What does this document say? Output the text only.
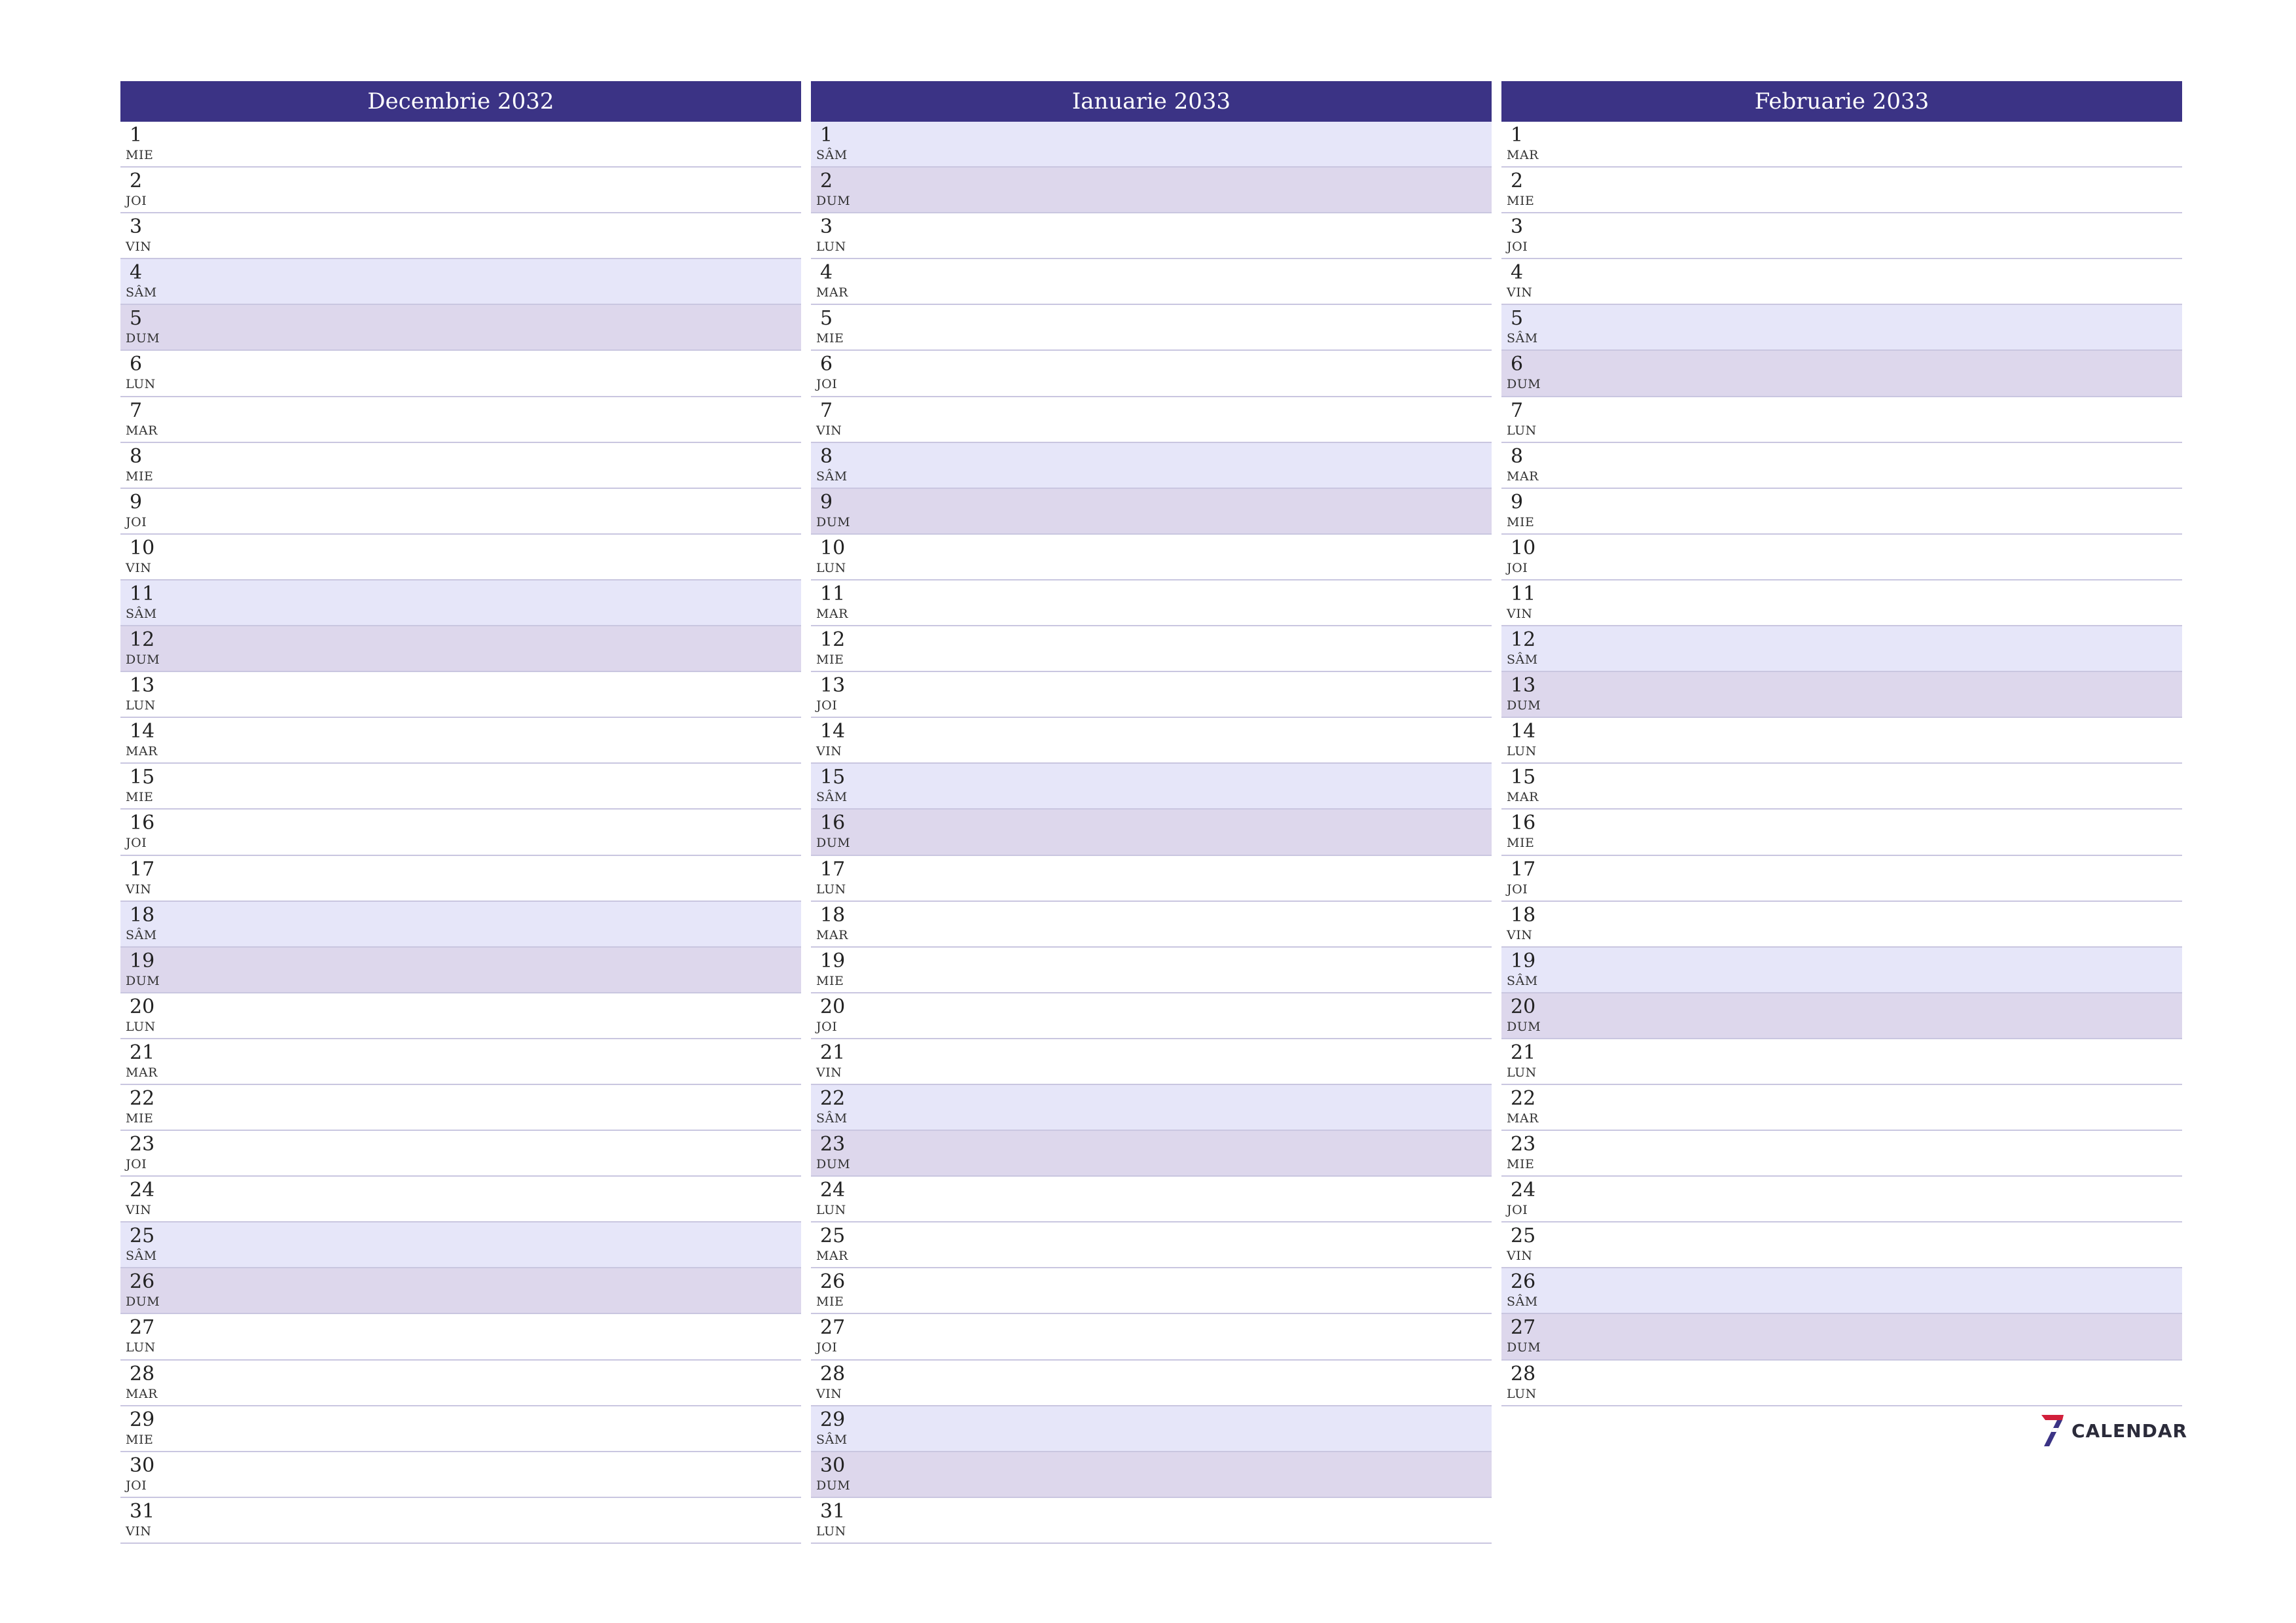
Decembrie 2032
1
MIE
2
JOI
3
VIN
4
SÂM
5
DUM
6
LUN
7
MAR
8
MIE
9
JOI
10
VIN
11
SÂM
12
DUM
13
LUN
14
MAR
15
MIE
16
JOI
17
VIN
18
SÂM
19
DUM
20
LUN
21
MAR
22
MIE
23
JOI
24
VIN
25
SÂM
26
DUM
27
LUN
28
MAR
29
MIE
30
JOI
31
VIN
Ianuarie 2033
1
SÂM
2
DUM
3
LUN
4
MAR
5
MIE
6
JOI
7
VIN
8
SÂM
9
DUM
10
LUN
11
MAR
12
MIE
13
JOI
14
VIN
15
SÂM
16
DUM
17
LUN
18
MAR
19
MIE
20
JOI
21
VIN
22
SÂM
23
DUM
24
LUN
25
MAR
26
MIE
27
JOI
28
VIN
29
SÂM
30
DUM
31
LUN
Februarie 2033
1
MAR
2
MIE
3
JOI
4
VIN
5
SÂM
6
DUM
7
LUN
8
MAR
9
MIE
10
JOI
11
VIN
12
SÂM
13
DUM
14
LUN
15
MAR
16
MIE
17
JOI
18
VIN
19
SÂM
20
DUM
21
LUN
22
MAR
23
MIE
24
JOI
25
VIN
26
SÂM
27
DUM
28
LUN
CALENDAR
